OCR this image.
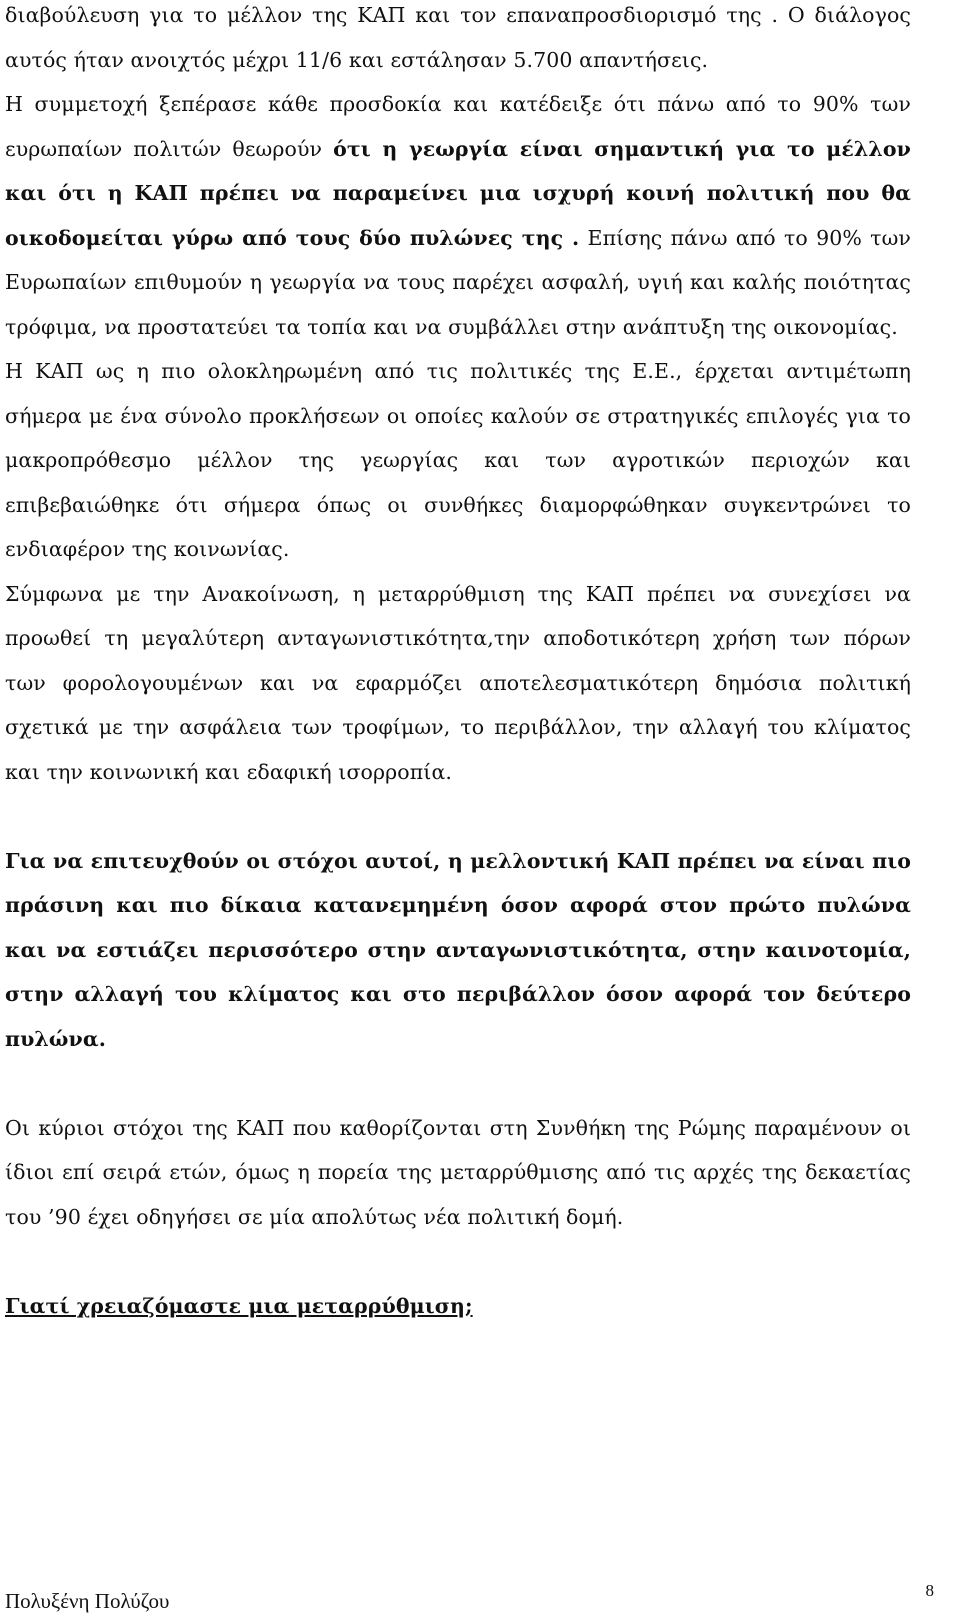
διαβούλευση για το μέλλον της ΚΑΠ και τον επαναπροσδιορισμό της . Ο διάλογος αυτός ήταν ανοιχτός μέχρι 11/6 και εστάλησαν 5.700 απαντήσεις.

Η συμμετοχή ξεπέρασε κάθε προσδοκία και κατέδειξε ότι πάνω από το 90% των ευρωπαίων πολιτών θεωρούν ότι η γεωργία είναι σημαντική για το μέλλον και ότι η ΚΑΠ πρέπει να παραμείνει μια ισχυρή κοινή πολιτική που θα οικοδομείται γύρω από τους δύο πυλώνες της . Επίσης πάνω από το 90% των Ευρωπαίων επιθυμούν η γεωργία να τους παρέχει ασφαλή, υγιή και καλής ποιότητας τρόφιμα, να προστατεύει τα τοπία και να συμβάλλει στην ανάπτυξη της οικονομίας.

Η ΚΑΠ ως η πιο ολοκληρωμένη από τις πολιτικές της Ε.Ε., έρχεται αντιμέτωπη σήμερα με ένα σύνολο προκλήσεων οι οποίες καλούν σε στρατηγικές επιλογές για το μακροπρόθεσμο μέλλον της γεωργίας και των αγροτικών περιοχών και επιβεβαιώθηκε ότι σήμερα όπως οι συνθήκες διαμορφώθηκαν συγκεντρώνει το ενδιαφέρον της κοινωνίας.

Σύμφωνα με την Ανακοίνωση, η μεταρρύθμιση της ΚΑΠ πρέπει να συνεχίσει να προωθεί τη μεγαλύτερη ανταγωνιστικότητα,την αποδοτικότερη χρήση των πόρων των φορολογουμένων και να εφαρμόζει αποτελεσματικότερη δημόσια πολιτική σχετικά με την ασφάλεια των τροφίμων, το περιβάλλον, την αλλαγή του κλίματος και την κοινωνική και εδαφική ισορροπία.

Για να επιτευχθούν οι στόχοι αυτοί, η μελλοντική ΚΑΠ πρέπει να είναι πιο πράσινη και πιο δίκαια κατανεμημένη όσον αφορά στον πρώτο πυλώνα και να εστιάζει περισσότερο στην ανταγωνιστικότητα, στην καινοτομία, στην αλλαγή του κλίματος και στο περιβάλλον όσον αφορά τον δεύτερο πυλώνα.

Οι κύριοι στόχοι της ΚΑΠ που καθορίζονται στη Συνθήκη της Ρώμης παραμένουν οι ίδιοι επί σειρά ετών, όμως η πορεία της μεταρρύθμισης από τις αρχές της δεκαετίας του ’90 έχει οδηγήσει σε μία απολύτως νέα πολιτική δομή.

Γιατί χρειαζόμαστε μια μεταρρύθμιση;

Πολυξένη Πολύζου	8
